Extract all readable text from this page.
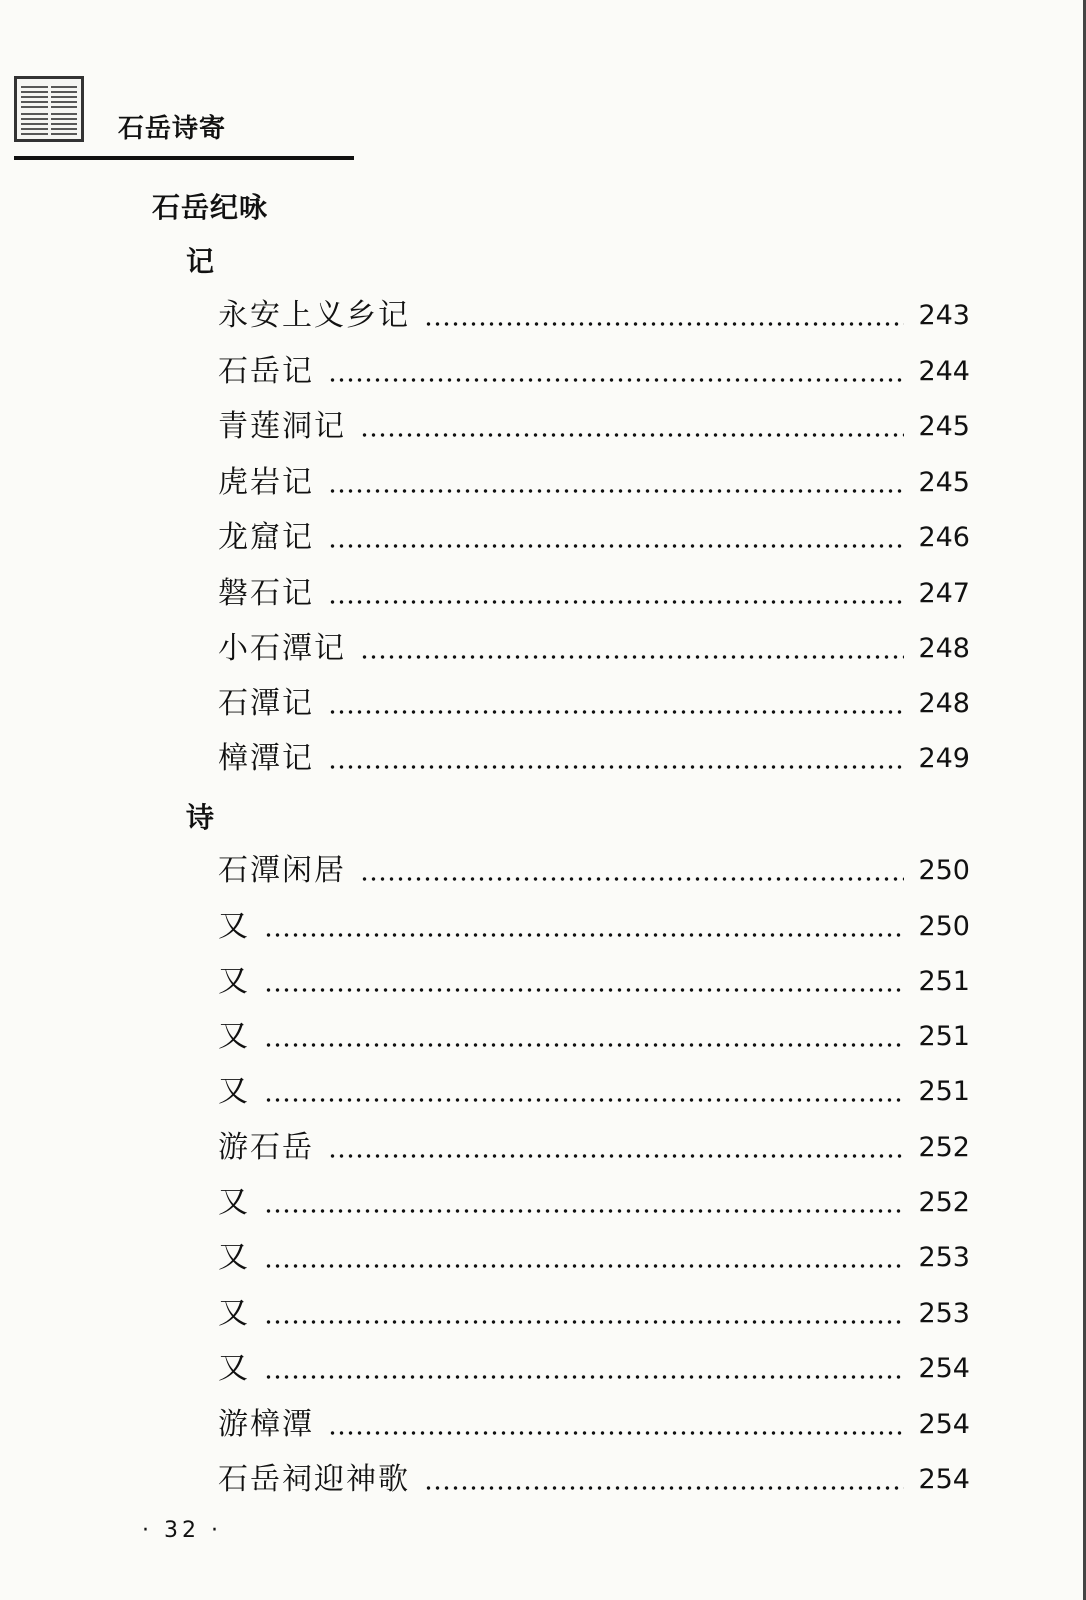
石岳诗寄
石岳纪咏
记
永安上义乡记	243
石岳记	244
青莲洞记	245
虎岩记	245
龙窟记	246
磐石记	247
小石潭记	248
石潭记	248
樟潭记	249
诗
石潭闲居	250
又	250
又	251
又	251
又	251
游石岳	252
又	252
又	253
又	253
又	254
游樟潭	254
石岳祠迎神歌	254
· 32 ·
